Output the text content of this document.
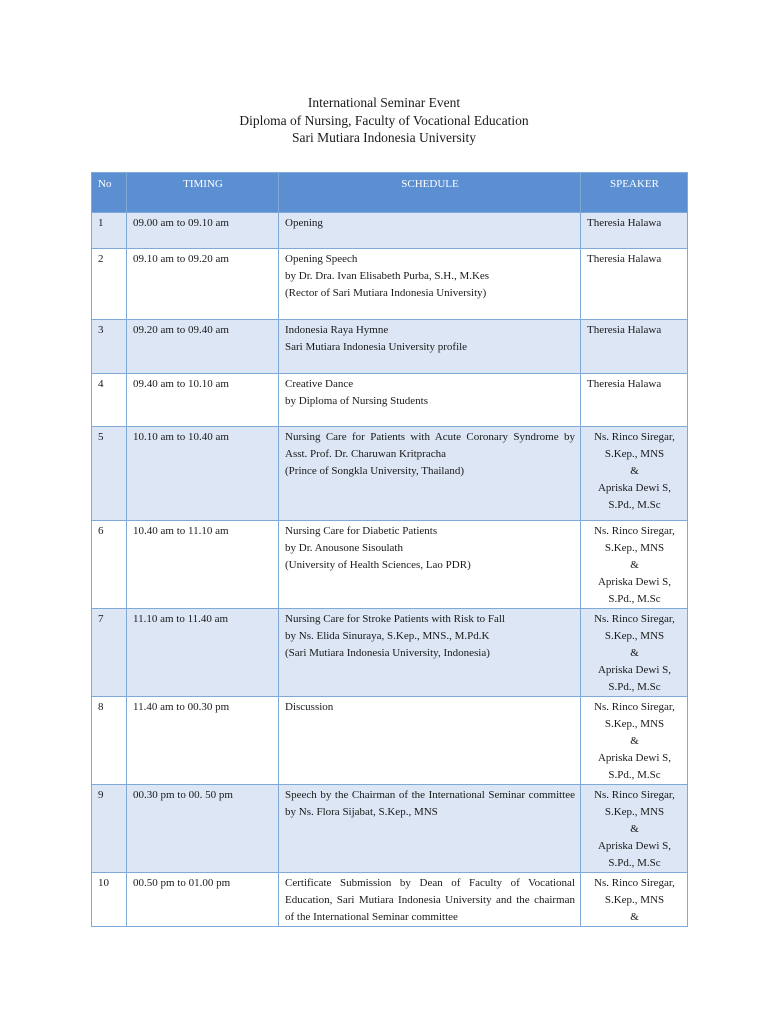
International Seminar Event
Diploma of Nursing, Faculty of Vocational Education
Sari Mutiara Indonesia University
No	TIMING	SCHEDULE	SPEAKER
1	09.00 am to 09.10 am	Opening	Theresia Halawa

2	09.10 am to 09.20 am	Opening Speech
by Dr. Dra. Ivan Elisabeth Purba, S.H., M.Kes
(Rector of Sari Mutiara Indonesia University)	Theresia Halawa

3	09.20 am to 09.40 am	Indonesia Raya Hymne
Sari Mutiara Indonesia University profile	Theresia Halawa

4	09.40 am to 10.10 am	Creative Dance
by Diploma of Nursing Students	Theresia Halawa

5	10.10 am to 10.40 am	Nursing Care for Patients with Acute Coronary Syndrome by Asst. Prof. Dr. Charuwan Kritpracha
(Prince of Songkla University, Thailand)	Ns. Rinco Siregar,
S.Kep., MNS
&
Apriska Dewi S,
S.Pd., M.Sc

6	10.40 am to 11.10 am	Nursing Care for Diabetic Patients
by Dr. Anousone Sisoulath
(University of Health Sciences, Lao PDR)	Ns. Rinco Siregar,
S.Kep., MNS
&
Apriska Dewi S,
S.Pd., M.Sc

7	11.10 am to 11.40 am	Nursing Care for Stroke Patients with Risk to Fall
by Ns. Elida Sinuraya, S.Kep., MNS., M.Pd.K
(Sari Mutiara Indonesia University, Indonesia)	Ns. Rinco Siregar,
S.Kep., MNS
&
Apriska Dewi S,
S.Pd., M.Sc

8	11.40 am to 00.30 pm	Discussion	Ns. Rinco Siregar,
S.Kep., MNS
&
Apriska Dewi S,
S.Pd., M.Sc

9	00.30 pm to 00. 50 pm	Speech by the Chairman of the International Seminar committee by Ns. Flora Sijabat, S.Kep., MNS	Ns. Rinco Siregar,
S.Kep., MNS
&
Apriska Dewi S,
S.Pd., M.Sc

10	00.50 pm to 01.00 pm	Certificate Submission by Dean of Faculty of Vocational Education, Sari Mutiara Indonesia University and the chairman of the International Seminar committee	Ns. Rinco Siregar,
S.Kep., MNS
&
